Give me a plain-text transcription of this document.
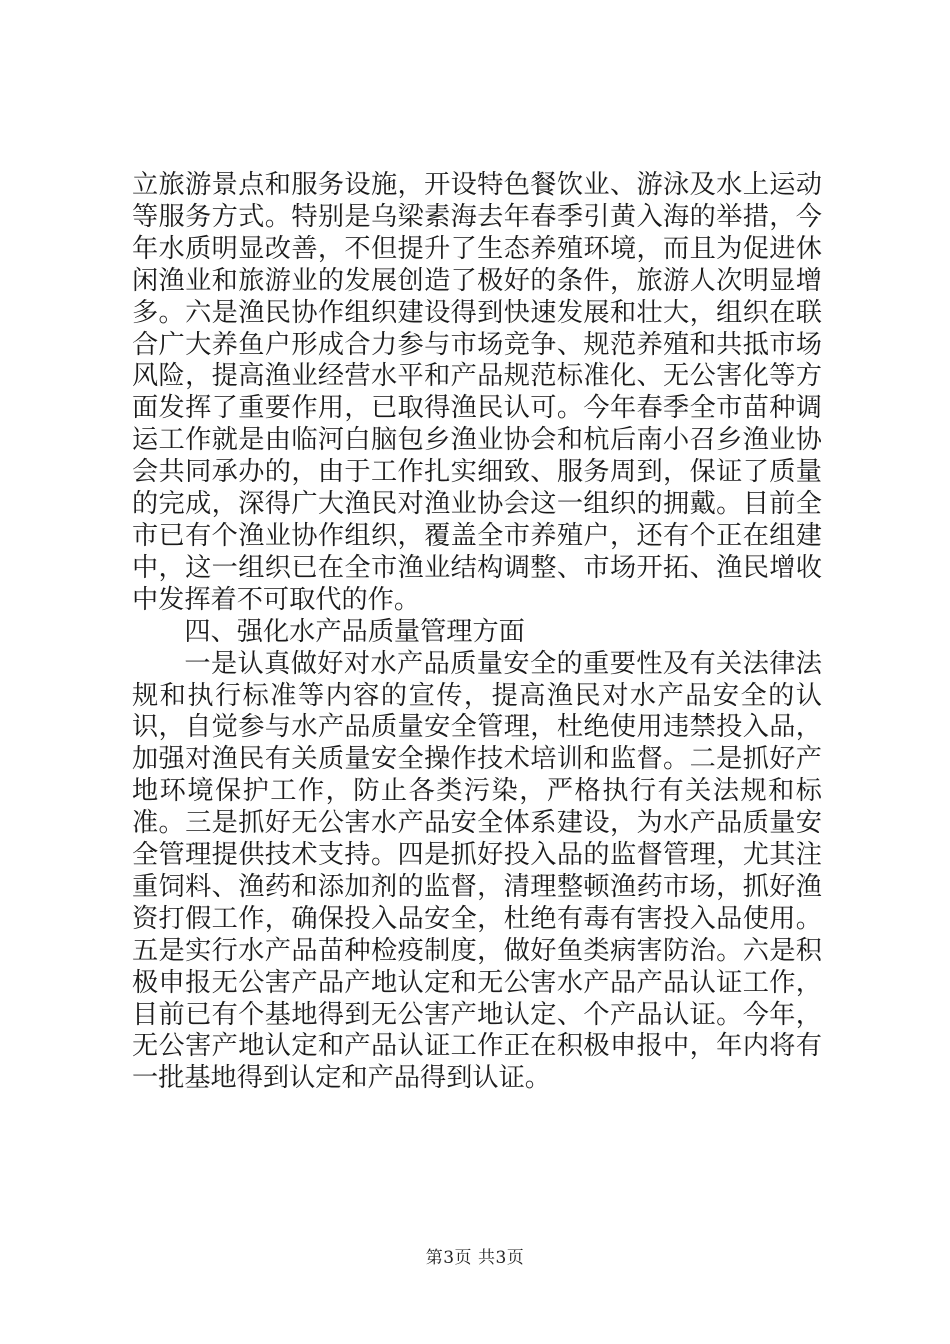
立旅游景点和服务设施，开设特色餐饮业、游泳及水上运动等服务方式。特别是乌梁素海去年春季引黄入海的举措，今年水质明显改善，不但提升了生态养殖环境，而且为促进休闲渔业和旅游业的发展创造了极好的条件，旅游人次明显增多。六是渔民协作组织建设得到快速发展和壮大，组织在联合广大养鱼户形成合力参与市场竞争、规范养殖和共抵市场风险，提高渔业经营水平和产品规范标准化、无公害化等方面发挥了重要作用，已取得渔民认可。今年春季全市苗种调运工作就是由临河白脑包乡渔业协会和杭后南小召乡渔业协会共同承办的，由于工作扎实细致、服务周到，保证了质量的完成，深得广大渔民对渔业协会这一组织的拥戴。目前全市已有个渔业协作组织，覆盖全市养殖户，还有个正在组建中，这一组织已在全市渔业结构调整、市场开拓、渔民增收中发挥着不可取代的作。

四、强化水产品质量管理方面

一是认真做好对水产品质量安全的重要性及有关法律法规和执行标准等内容的宣传，提高渔民对水产品安全的认识，自觉参与水产品质量安全管理，杜绝使用违禁投入品，加强对渔民有关质量安全操作技术培训和监督。二是抓好产地环境保护工作，防止各类污染，严格执行有关法规和标准。三是抓好无公害水产品安全体系建设，为水产品质量安全管理提供技术支持。四是抓好投入品的监督管理，尤其注重饲料、渔药和添加剂的监督，清理整顿渔药市场，抓好渔资打假工作，确保投入品安全，杜绝有毒有害投入品使用。五是实行水产品苗种检疫制度，做好鱼类病害防治。六是积极申报无公害产品产地认定和无公害水产品产品认证工作，目前已有个基地得到无公害产地认定、个产品认证。今年，无公害产地认定和产品认证工作正在积极申报中，年内将有一批基地得到认定和产品得到认证。

第3页 共3页
